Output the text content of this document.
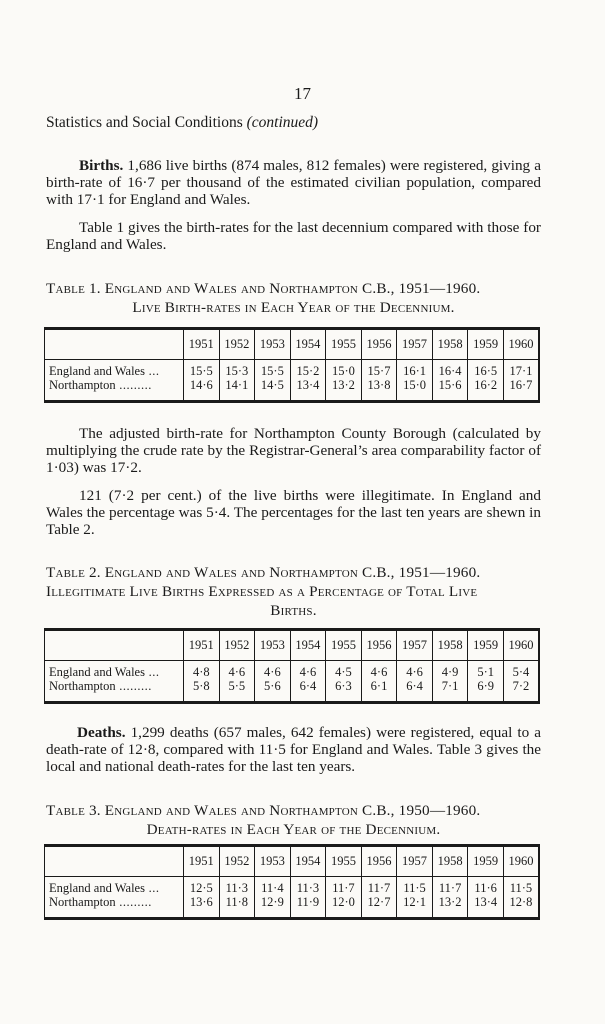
17
Statistics and Social Conditions (continued)

Births. 1,686 live births (874 males, 812 females) were registered, giving a birth-rate of 16·7 per thousand of the estimated civilian population, compared with 17·1 for England and Wales.

Table 1 gives the birth-rates for the last decennium compared with those for England and Wales.

Table 1. England and Wales and Northampton C.B., 1951—1960.
Live Birth-rates in Each Year of the Decennium.
	1951	1952	1953	1954	1955	1956	1957	1958	1959	1960

England and Wales ...	15·5	15·3	15·5	15·2	15·0	15·7	16·1	16·4	16·5	17·1
Northampton .........	14·6	14·1	14·5	13·4	13·2	13·8	15·0	15·6	16·2	16·7

The adjusted birth-rate for Northampton County Borough (calculated by multiplying the crude rate by the Registrar-General’s area comparability factor of 1·03) was 17·2.

121 (7·2 per cent.) of the live births were illegitimate. In England and Wales the percentage was 5·4. The percentages for the last ten years are shewn in Table 2.

Table 2. England and Wales and Northampton C.B., 1951—1960.
Illegitimate Live Births Expressed as a Percentage of Total Live
Births.
	1951	1952	1953	1954	1955	1956	1957	1958	1959	1960

England and Wales ...	4·8	4·6	4·6	4·6	4·5	4·6	4·6	4·9	5·1	5·4
Northampton .........	5·8	5·5	5·6	6·4	6·3	6·1	6·4	7·1	6·9	7·2

Deaths. 1,299 deaths (657 males, 642 females) were registered, equal to a death-rate of 12·8, compared with 11·5 for England and Wales. Table 3 gives the local and national death-rates for the last ten years.

Table 3. England and Wales and Northampton C.B., 1950—1960.
Death-rates in Each Year of the Decennium.
	1951	1952	1953	1954	1955	1956	1957	1958	1959	1960

England and Wales ...	12·5	11·3	11·4	11·3	11·7	11·7	11·5	11·7	11·6	11·5
Northampton .........	13·6	11·8	12·9	11·9	12·0	12·7	12·1	13·2	13·4	12·8
